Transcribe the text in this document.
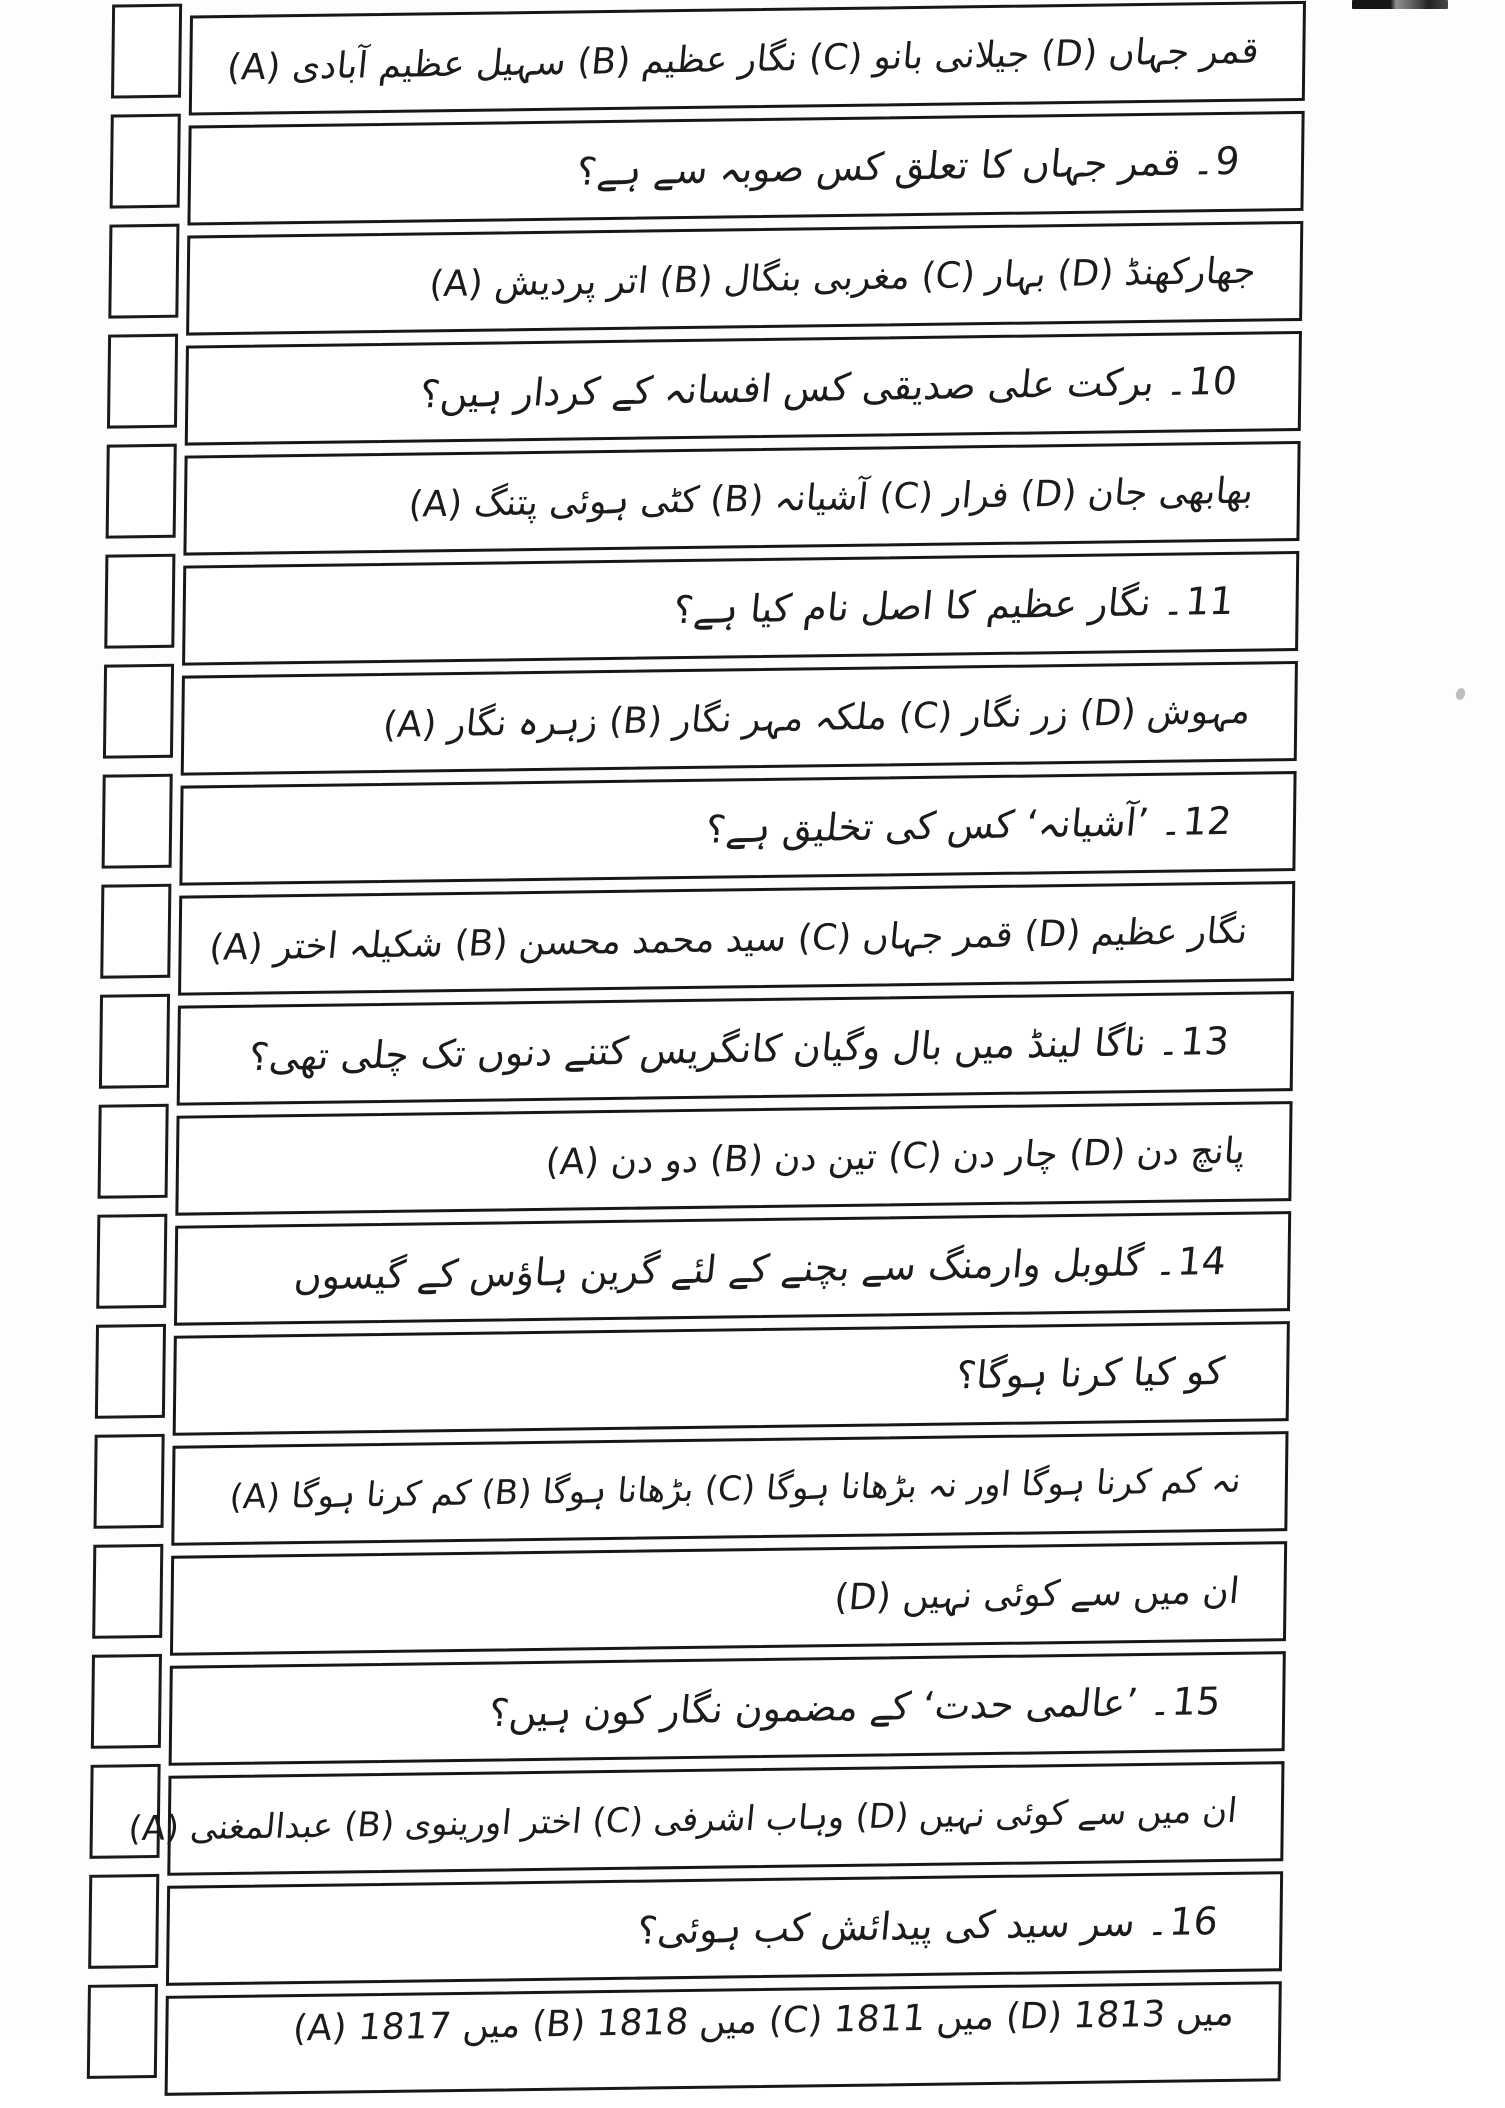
(A) سہیل عظیم آبادی (B) نگار عظیم (C) جیلانی بانو (D) قمر جہاں
9۔ قمر جہاں کا تعلق کس صوبہ سے ہے؟
(A) اتر پردیش (B) مغربی بنگال (C) بہار (D) جھارکھنڈ
10۔ برکت علی صدیقی کس افسانہ کے کردار ہیں؟
(A) کٹی ہوئی پتنگ (B) آشیانہ (C) فرار (D) بھابھی جان
11۔ نگار عظیم کا اصل نام کیا ہے؟
(A) زہرہ نگار (B) ملکہ مہر نگار (C) زر نگار (D) مہوش
12۔ ’آشیانہ‘ کس کی تخلیق ہے؟
(A) شکیلہ اختر (B) سید محمد محسن (C) قمر جہاں (D) نگار عظیم
13۔ ناگا لینڈ میں بال وگیان کانگریس کتنے دنوں تک چلی تھی؟
(A) دو دن (B) تین دن (C) چار دن (D) پانچ دن
14۔ گلوبل وارمنگ سے بچنے کے لئے گرین ہاؤس کے گیسوں
کو کیا کرنا ہوگا؟
(A) کم کرنا ہوگا (B) بڑھانا ہوگا (C) نہ کم کرنا ہوگا اور نہ بڑھانا ہوگا
(D) ان میں سے کوئی نہیں
15۔ ’عالمی حدت‘ کے مضمون نگار کون ہیں؟
(A) عبدالمغنی (B) اختر اورینوی (C) وہاب اشرفی (D) ان میں سے کوئی نہیں
16۔ سر سید کی پیدائش کب ہوئی؟
(A) 1817 میں (B) 1818 میں (C) 1811 میں (D) 1813 میں
